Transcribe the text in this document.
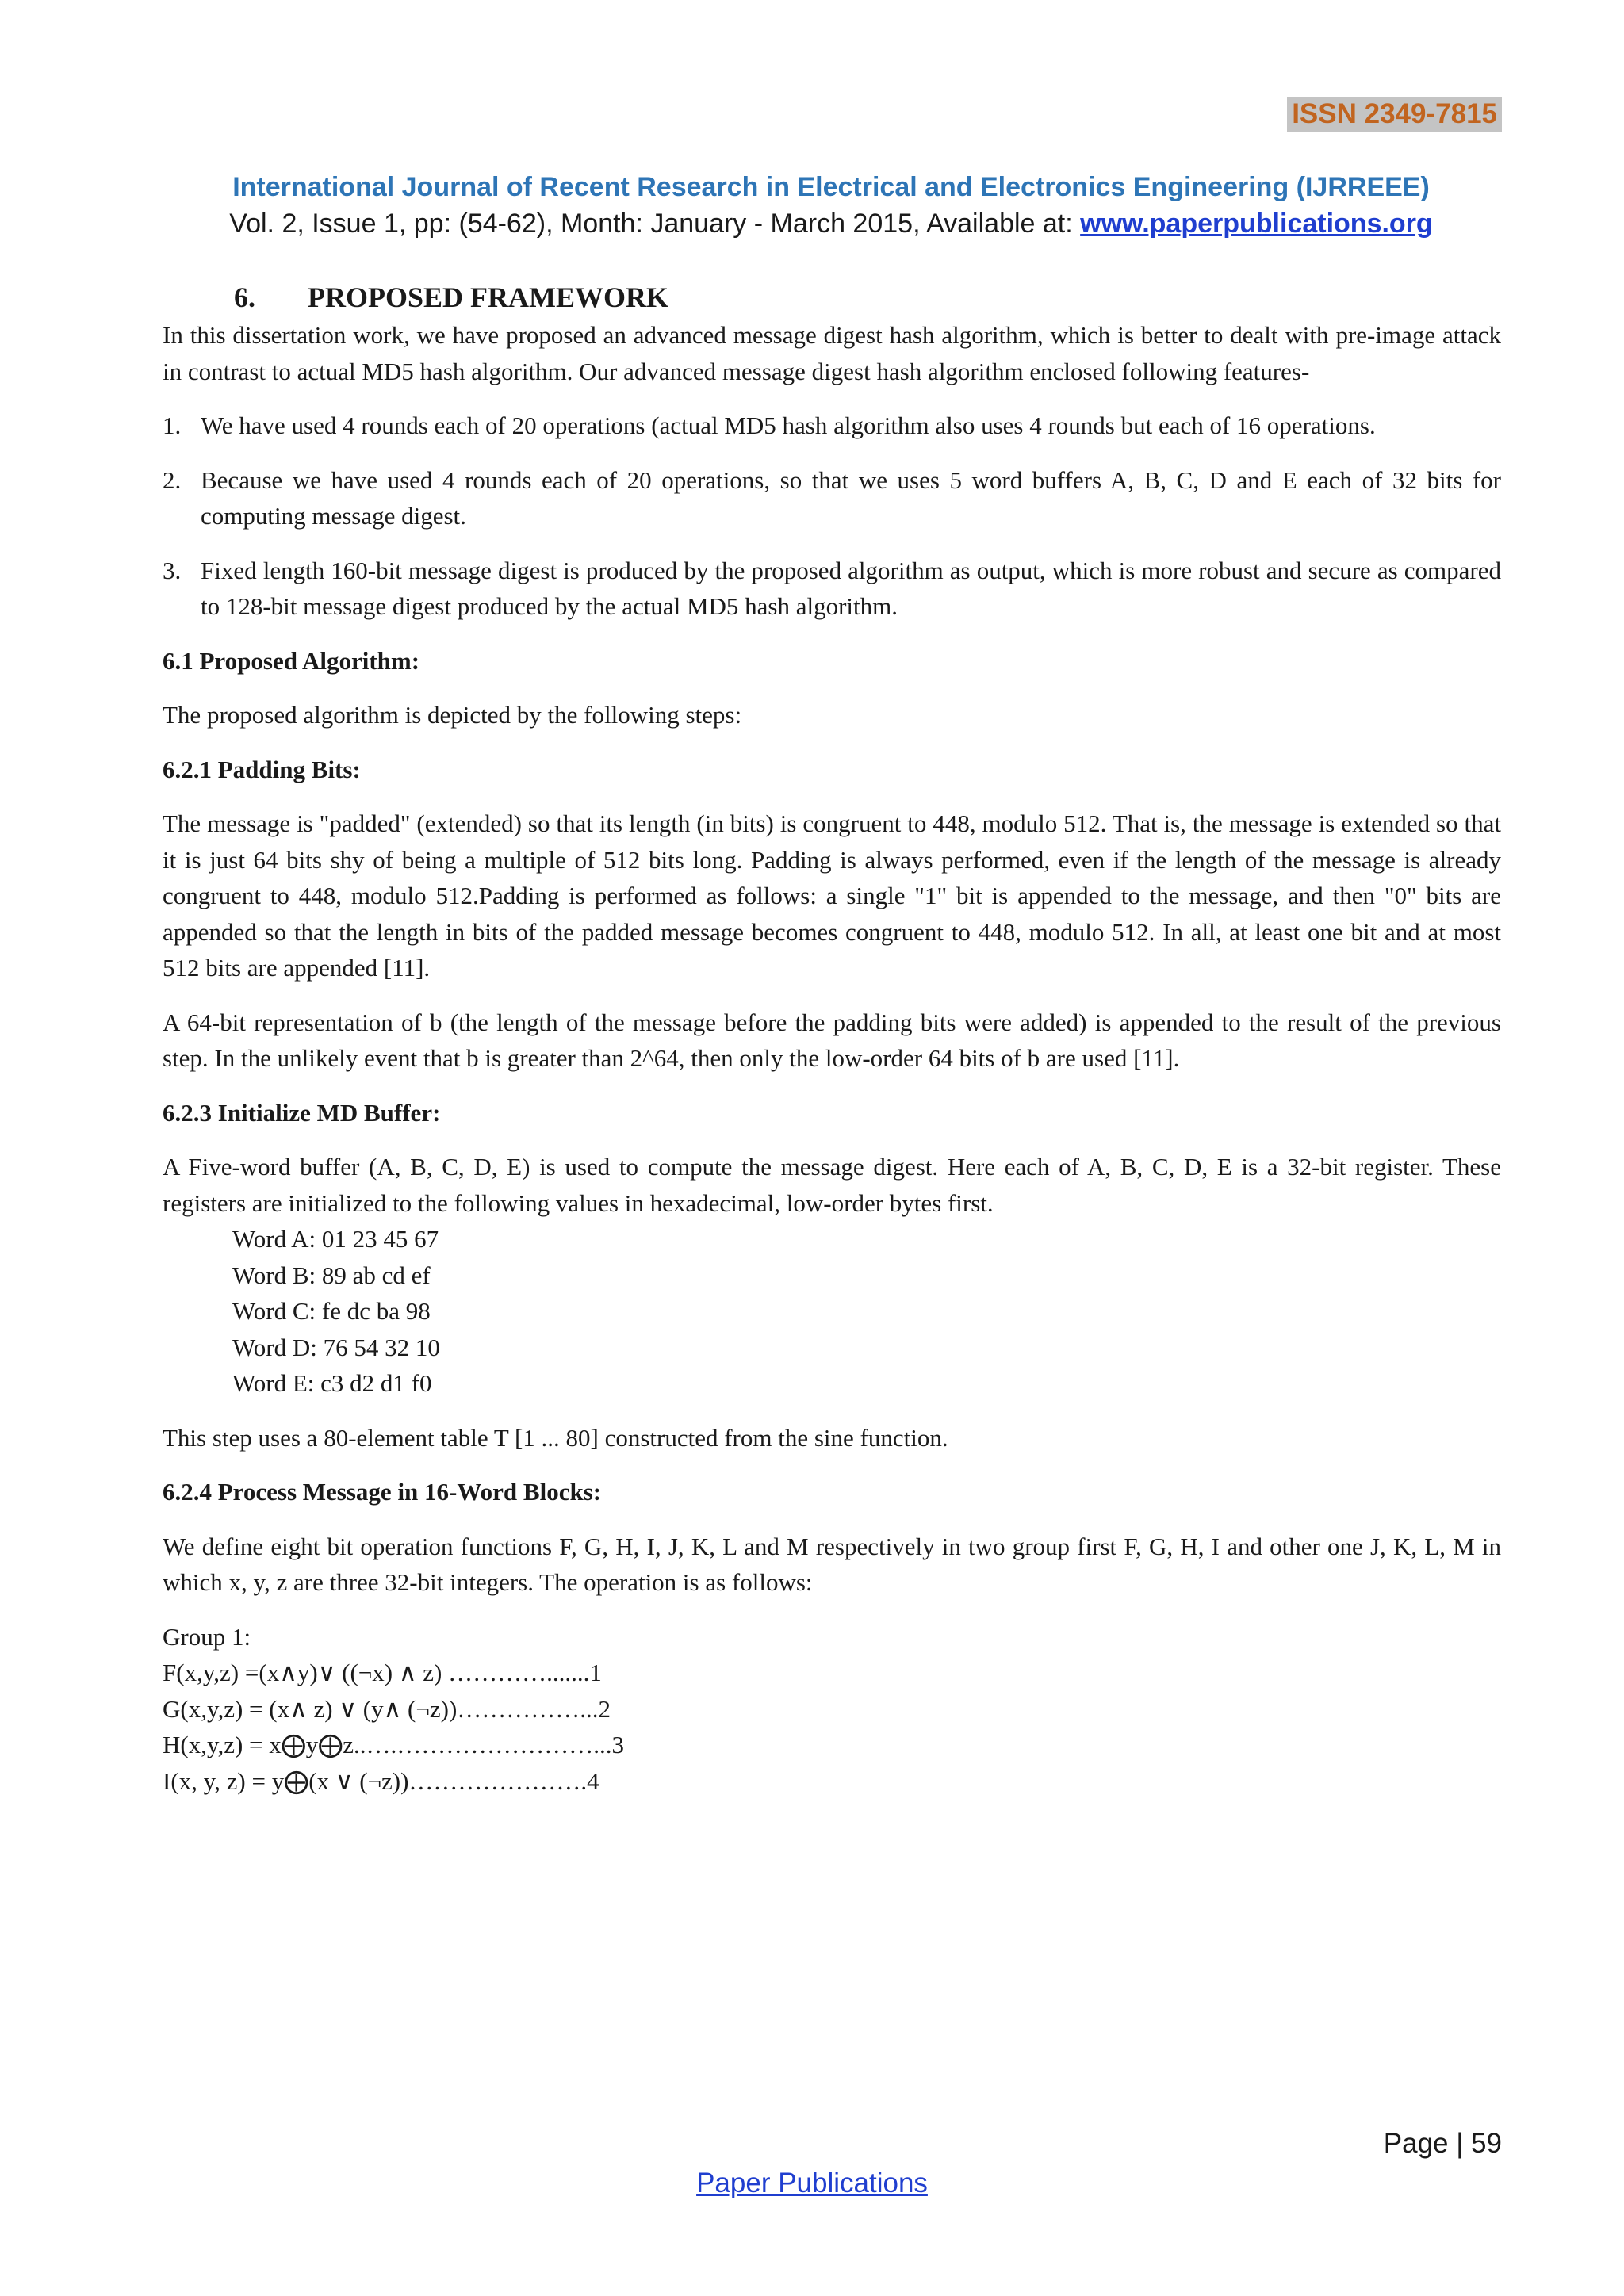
ISSN 2349-7815
International Journal of Recent Research in Electrical and Electronics Engineering (IJRREEE)
Vol. 2, Issue 1, pp: (54-62), Month: January - March 2015, Available at: www.paperpublications.org

6. PROPOSED FRAMEWORK

In this dissertation work, we have proposed an advanced message digest hash algorithm, which is better to dealt with pre-image attack in contrast to actual MD5 hash algorithm. Our advanced message digest hash algorithm enclosed following features-

1. We have used 4 rounds each of 20 operations (actual MD5 hash algorithm also uses 4 rounds but each of 16 operations.
2. Because we have used 4 rounds each of 20 operations, so that we uses 5 word buffers A, B, C, D and E each of 32 bits for computing message digest.
3. Fixed length 160-bit message digest is produced by the proposed algorithm as output, which is more robust and secure as compared to 128-bit message digest produced by the actual MD5 hash algorithm.

6.1 Proposed Algorithm:

The proposed algorithm is depicted by the following steps:

6.2.1 Padding Bits:

The message is "padded" (extended) so that its length (in bits) is congruent to 448, modulo 512. That is, the message is extended so that it is just 64 bits shy of being a multiple of 512 bits long. Padding is always performed, even if the length of the message is already congruent to 448, modulo 512.Padding is performed as follows: a single "1" bit is appended to the message, and then "0" bits are appended so that the length in bits of the padded message becomes congruent to 448, modulo 512. In all, at least one bit and at most 512 bits are appended [11].

A 64-bit representation of b (the length of the message before the padding bits were added) is appended to the result of the previous step. In the unlikely event that b is greater than 2^64, then only the low-order 64 bits of b are used [11].

6.2.3 Initialize MD Buffer:

A Five-word buffer (A, B, C, D, E) is used to compute the message digest. Here each of A, B, C, D, E is a 32-bit register. These registers are initialized to the following values in hexadecimal, low-order bytes first.

Word A: 01 23 45 67

Word B: 89 ab cd ef

Word C: fe dc ba 98

Word D: 76 54 32 10

Word E: c3 d2 d1 f0

This step uses a 80-element table T [1 ... 80] constructed from the sine function.

6.2.4 Process Message in 16-Word Blocks:

We define eight bit operation functions F, G, H, I, J, K, L and M respectively in two group first F, G, H, I and other one J, K, L, M in which x, y, z are three 32-bit integers. The operation is as follows:

Group 1:

F(x,y,z) =(x∧y)∨ ((¬x) ∧ z) ………….......1

G(x,y,z) = (x∧ z) ∨ (y∧ (¬z))……………...2

H(x,y,z) = x⨁y⨁z..….……………………...3

I(x, y, z) = y⨁(x ∨ (¬z))………………….4

Page | 59
Paper Publications
